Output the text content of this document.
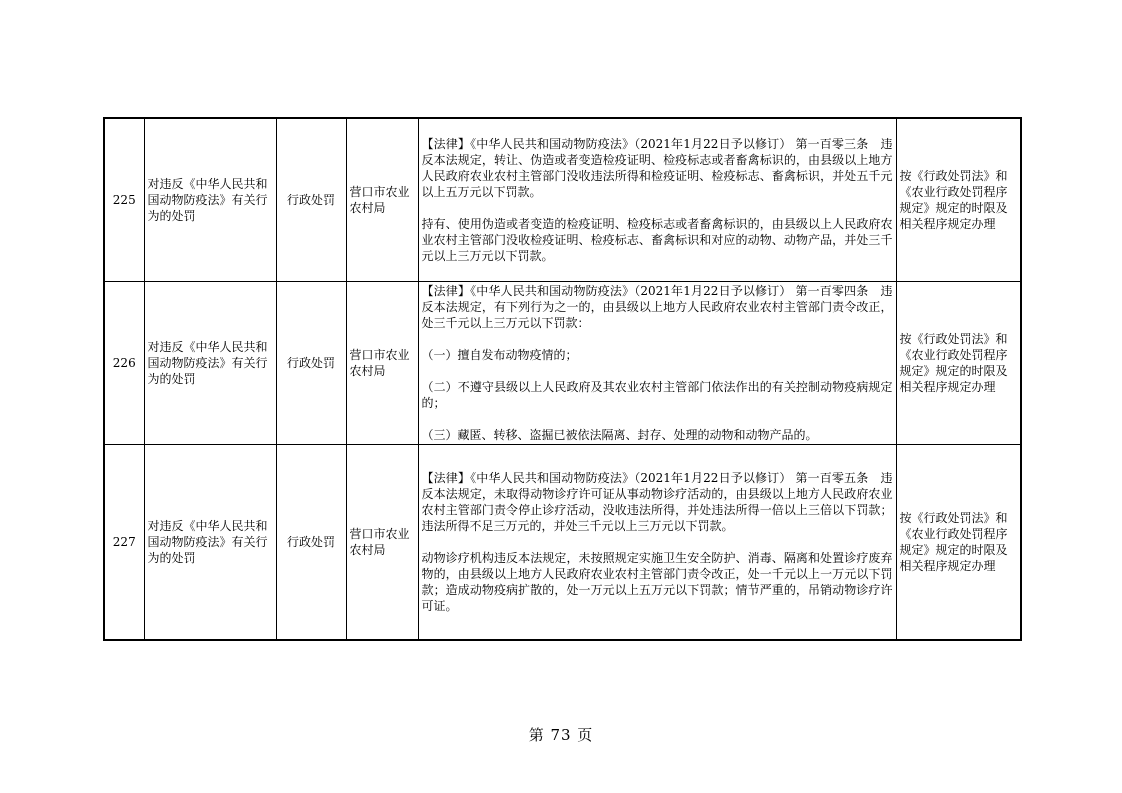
225	对违反《中华人民共和国动物防疫法》有关行为的处罚	行政处罚	营口市农业农村局	【法律】《中华人民共和国动物防疫法》（2021年1月22日予以修订） 第一百零三条　违反本法规定，转让、伪造或者变造检疫证明、检疫标志或者畜禽标识的，由县级以上地方人民政府农业农村主管部门没收违法所得和检疫证明、检疫标志、畜禽标识，并处五千元以上五万元以下罚款。

持有、使用伪造或者变造的检疫证明、检疫标志或者畜禽标识的，由县级以上人民政府农业农村主管部门没收检疫证明、检疫标志、畜禽标识和对应的动物、动物产品，并处三千元以上三万元以下罚款。	按《行政处罚法》和《农业行政处罚程序规定》规定的时限及相关程序规定办理
226	对违反《中华人民共和国动物防疫法》有关行为的处罚	行政处罚	营口市农业农村局	【法律】《中华人民共和国动物防疫法》（2021年1月22日予以修订） 第一百零四条　违反本法规定，有下列行为之一的，由县级以上地方人民政府农业农村主管部门责令改正，处三千元以上三万元以下罚款：

（一）擅自发布动物疫情的；

（二）不遵守县级以上人民政府及其农业农村主管部门依法作出的有关控制动物疫病规定的；

（三）藏匿、转移、盗掘已被依法隔离、封存、处理的动物和动物产品的。	按《行政处罚法》和《农业行政处罚程序规定》规定的时限及相关程序规定办理
227	对违反《中华人民共和国动物防疫法》有关行为的处罚	行政处罚	营口市农业农村局	【法律】《中华人民共和国动物防疫法》（2021年1月22日予以修订） 第一百零五条　违反本法规定，未取得动物诊疗许可证从事动物诊疗活动的，由县级以上地方人民政府农业农村主管部门责令停止诊疗活动，没收违法所得，并处违法所得一倍以上三倍以下罚款；违法所得不足三万元的，并处三千元以上三万元以下罚款。

动物诊疗机构违反本法规定，未按照规定实施卫生安全防护、消毒、隔离和处置诊疗废弃物的，由县级以上地方人民政府农业农村主管部门责令改正，处一千元以上一万元以下罚款；造成动物疫病扩散的，处一万元以上五万元以下罚款；情节严重的，吊销动物诊疗许可证。	按《行政处罚法》和《农业行政处罚程序规定》规定的时限及相关程序规定办理
第 73 页
